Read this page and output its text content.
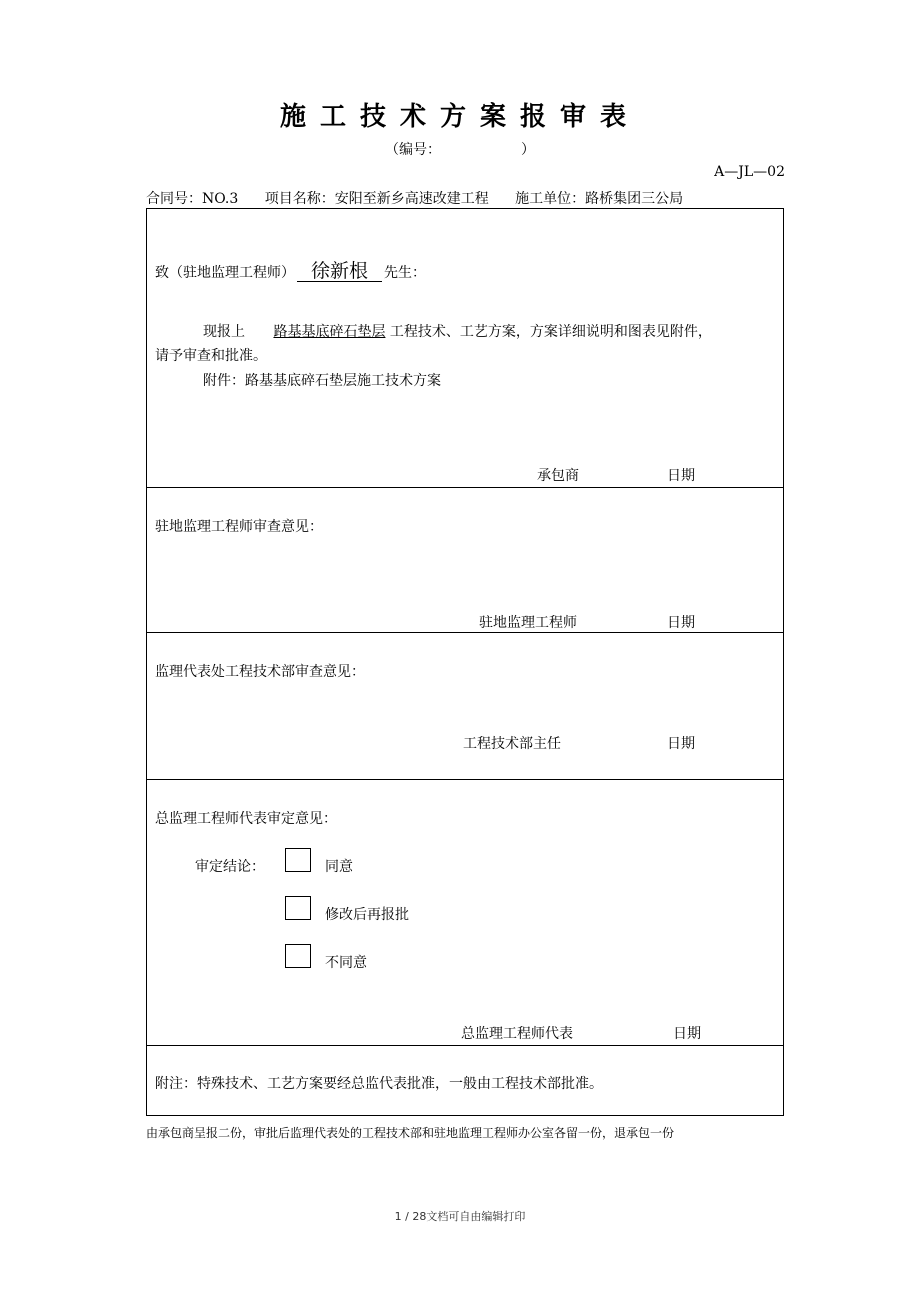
施工技术方案报审表
（编号：	）
A—JL—02
合同号：NO.3 项目名称：安阳至新乡高速改建工程 施工单位：路桥集团三公局
致（驻地监理工程师） 徐新根 先生：
现报上 路基基底碎石垫层 工程技术、工艺方案，方案详细说明和图表见附件，
请予审查和批准。
附件：路基基底碎石垫层施工技术方案
承包商	日期
驻地监理工程师审查意见：
驻地监理工程师	日期
监理代表处工程技术部审查意见：
工程技术部主任	日期
总监理工程师代表审定意见：
审定结论：	同意
修改后再报批
不同意
总监理工程师代表	日期
附注：特殊技术、工艺方案要经总监代表批准，一般由工程技术部批准。
由承包商呈报二份，审批后监理代表处的工程技术部和驻地监理工程师办公室各留一份，退承包一份
1 / 28文档可自由编辑打印
